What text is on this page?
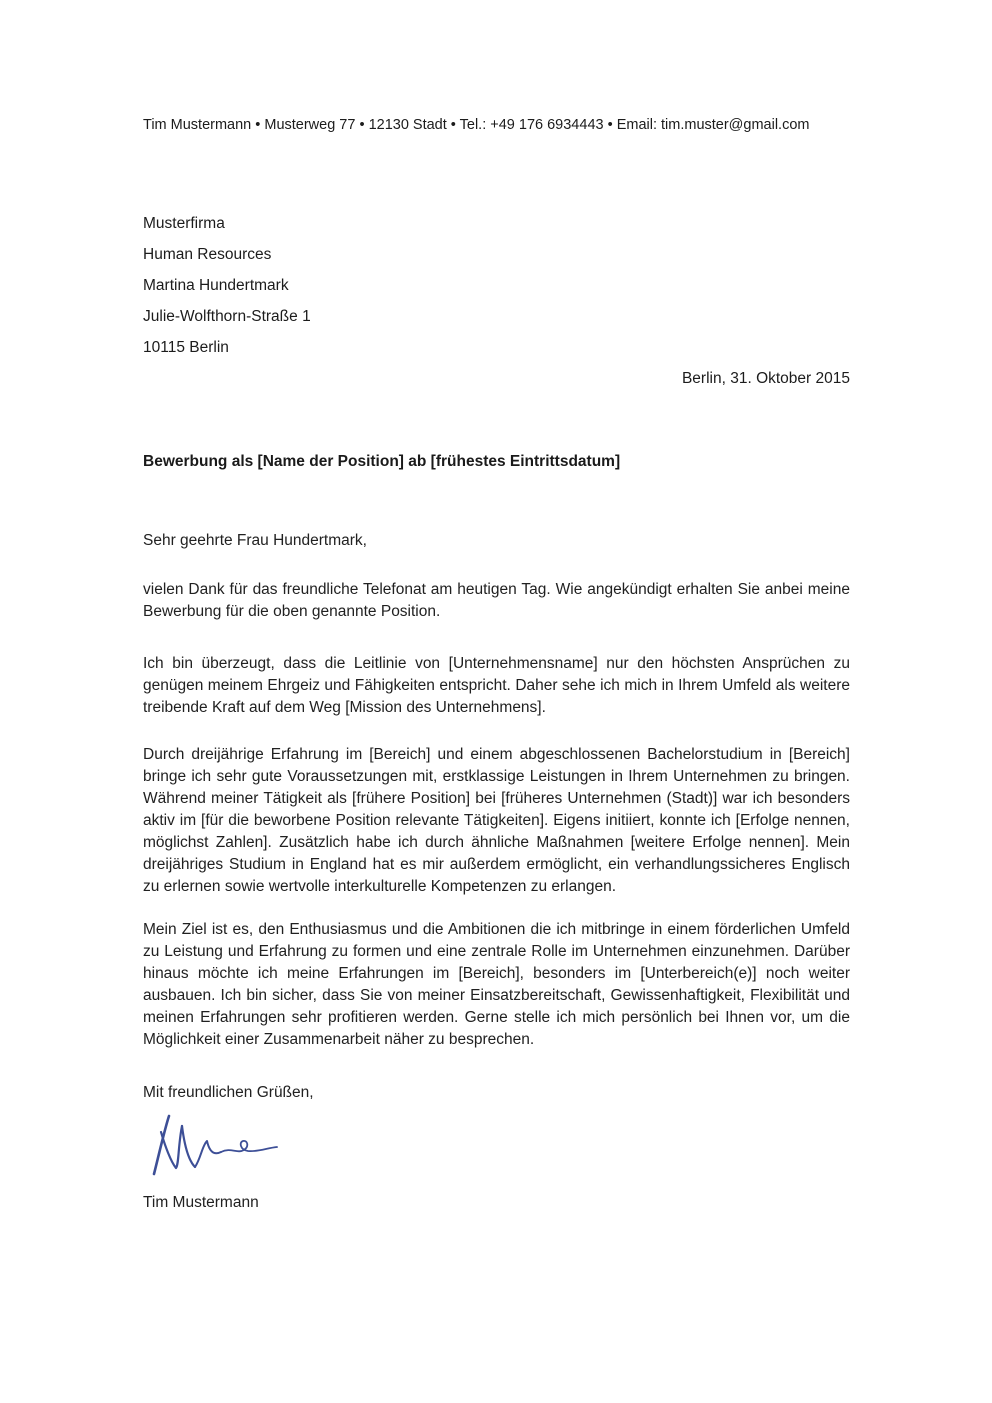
Tim Mustermann • Musterweg 77 • 12130 Stadt • Tel.: +49 176 6934443 • Email: tim.muster@gmail.com
Musterfirma
Human Resources
Martina Hundertmark
Julie-Wolfthorn-Straße 1
10115 Berlin
Berlin, 31. Oktober 2015
Bewerbung als [Name der Position] ab [frühestes Eintrittsdatum]
Sehr geehrte Frau Hundertmark,

vielen Dank für das freundliche Telefonat am heutigen Tag. Wie angekündigt erhalten Sie anbei meine Bewerbung für die oben genannte Position.

Ich bin überzeugt, dass die Leitlinie von [Unternehmensname] nur den höchsten Ansprüchen zu genügen meinem Ehrgeiz und Fähigkeiten entspricht. Daher sehe ich mich in Ihrem Umfeld als weitere treibende Kraft auf dem Weg [Mission des Unternehmens].

Durch dreijährige Erfahrung im [Bereich] und einem abgeschlossenen Bachelorstudium in [Bereich] bringe ich sehr gute Voraussetzungen mit, erstklassige Leistungen in Ihrem Unternehmen zu bringen. Während meiner Tätigkeit als [frühere Position] bei [früheres Unternehmen (Stadt)] war ich besonders aktiv im [für die beworbene Position relevante Tätigkeiten]. Eigens initiiert, konnte ich [Erfolge nennen, möglichst Zahlen]. Zusätzlich habe ich durch ähnliche Maßnahmen [weitere Erfolge nennen]. Mein dreijähriges Studium in England hat es mir außerdem ermöglicht, ein verhandlungssicheres Englisch zu erlernen sowie wertvolle interkulturelle Kompetenzen zu erlangen.

Mein Ziel ist es, den Enthusiasmus und die Ambitionen die ich mitbringe in einem förderlichen Umfeld zu Leistung und Erfahrung zu formen und eine zentrale Rolle im Unternehmen einzunehmen. Darüber hinaus möchte ich meine Erfahrungen im [Bereich], besonders im [Unterbereich(e)] noch weiter ausbauen. Ich bin sicher, dass Sie von meiner Einsatzbereitschaft, Gewissenhaftigkeit, Flexibilität und meinen Erfahrungen sehr profitieren werden. Gerne stelle ich mich persönlich bei Ihnen vor, um die Möglichkeit einer Zusammenarbeit näher zu besprechen.

Mit freundlichen Grüßen,
Tim Mustermann
